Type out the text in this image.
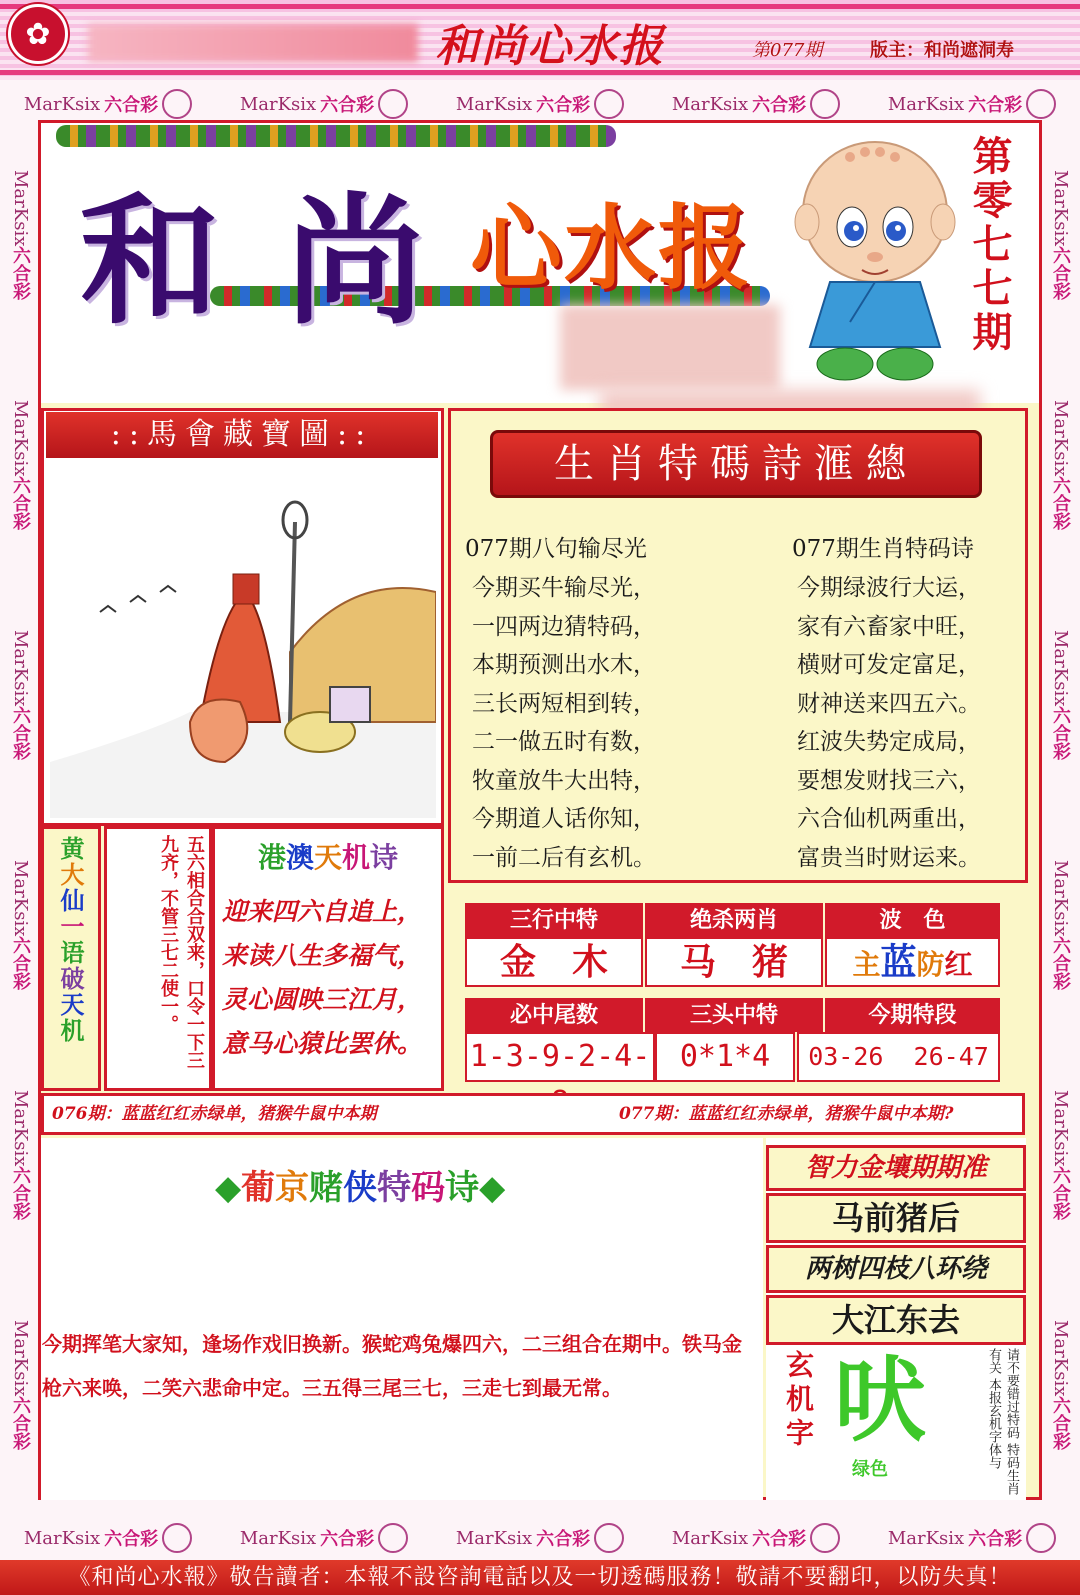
✿	和尚心水报	第077期	版主：和尚遮洞寿
MarKsix 六合彩	MarKsix 六合彩	MarKsix 六合彩	MarKsix 六合彩	MarKsix 六合彩
MarKsix 六合彩	MarKsix 六合彩	MarKsix 六合彩	MarKsix 六合彩	MarKsix 六合彩
MarKsix六合彩
MarKsix六合彩
MarKsix六合彩
MarKsix六合彩
MarKsix六合彩
MarKsix六合彩
MarKsix六合彩
MarKsix六合彩
MarKsix六合彩
MarKsix六合彩
MarKsix六合彩
MarKsix六合彩
和 尚 心水报	第零七七期
::馬會藏寶圖::
生肖特碼詩滙總
077期八句输尽光
今期买牛输尽光，
一四两边猜特码，
本期预测出水木，
三长两短相到转，
二一做五时有数，
牧童放牛大出特，
今期道人话你知，
一前二后有玄机。
077期生肖特码诗
今期绿波行大运，
家有六畜家中旺，
横财可发定富足，
财神送来四五六。
红波失势定成局，
要想发财找三六，
六合仙机两重出，
富贵当时财运来。
三行中特	绝杀两肖	波　色
金　木	马　猪	主蓝防红
必中尾数	三头中特	今期特段
1-3-9-2-4- 0*1*4	03-26  26-47
黄大仙一语破天机	五六相合合双来，口令一下三九齐，不管三七二使一。	港澳天机诗
迎来四六自追上，
来读八生多福气，
灵心圆映三江月，
意马心猿比罢休。
076期：蓝蓝红红赤绿单，猪猴牛鼠中本期	077期：蓝蓝红红赤绿单，猪猴牛鼠中本期?
◆葡京赌侠特码诗◆
今期挥笔大家知，逢场作戏旧换新。猴蛇鸡兔爆四六，二三组合在期中。铁马金枪六来唤，二笑六悲命中定。三五得三尾三七，三走七到最无常。
智力金壤期期准
马前猪后
两树四枝八环绕
大江东去
玄机字 吠
绿色	请不要错过特码 特码生肖有关 本报玄机字体与
《和尚心水報》敬告讀者：本報不設咨詢電話以及一切透碼服務！敬請不要翻印，以防失真！
